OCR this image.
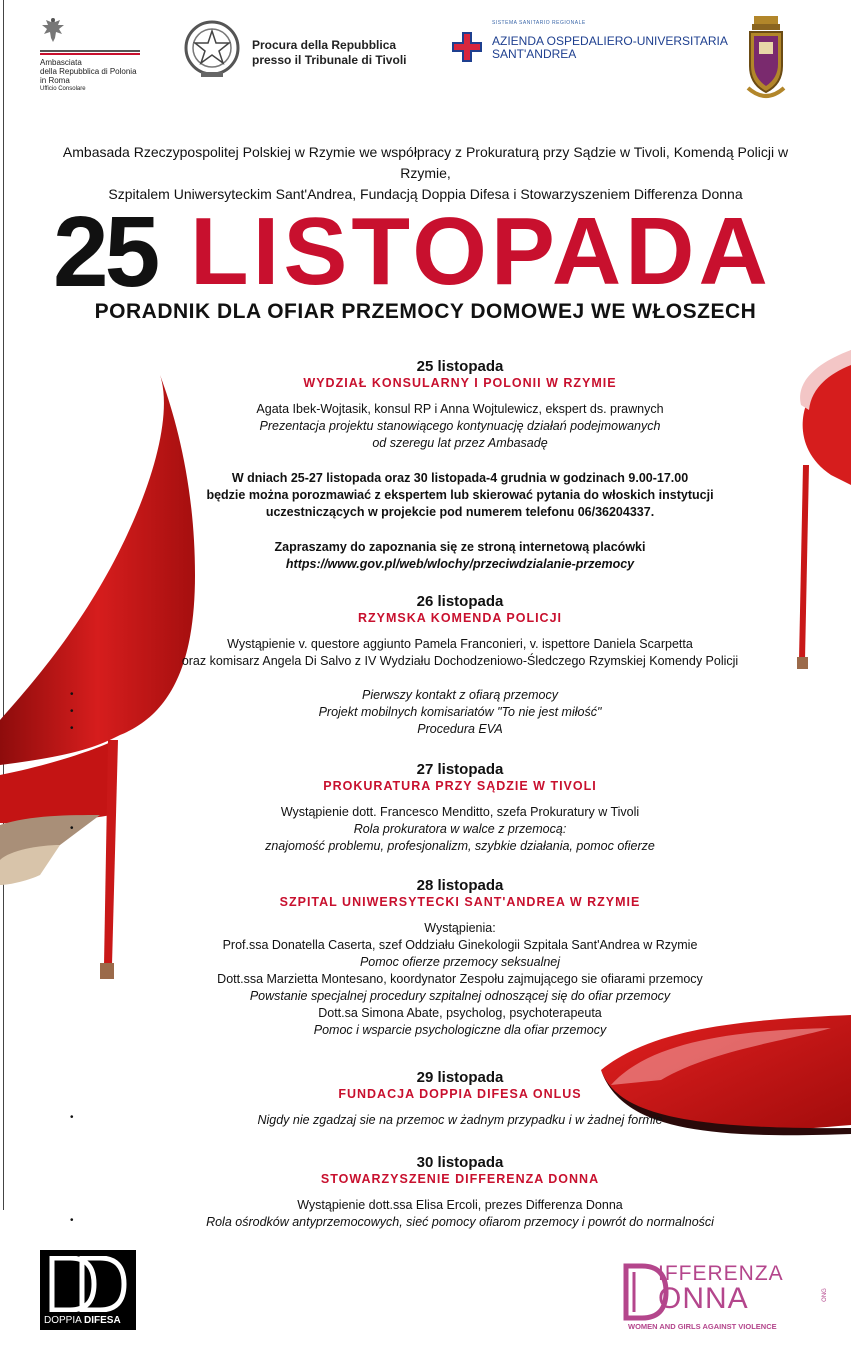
Ambasciata
della Repubblica di Polonia
in Roma
Ufficio Consolare
Procura della Repubblica
presso il Tribunale di Tivoli
SISTEMA SANITARIO REGIONALE
AZIENDA OSPEDALIERO-UNIVERSITARIA
SANT'ANDREA
Ambasada Rzeczypospolitej Polskiej w Rzymie we współpracy z Prokuraturą przy Sądzie w Tivoli, Komendą Policji w Rzymie,
Szpitalem Uniwersyteckim Sant'Andrea, Fundacją Doppia Difesa i Stowarzyszeniem Differenza Donna
25 LISTOPADA
PORADNIK DLA OFIAR PRZEMOCY DOMOWEJ WE WŁOSZECH
25 listopada
WYDZIAŁ KONSULARNY I POLONII W RZYMIE
Agata Ibek-Wojtasik, konsul RP i Anna Wojtulewicz, ekspert ds. prawnych
Prezentacja projektu stanowiącego kontynuację działań podejmowanych
od szeregu lat przez Ambasadę
W dniach 25-27 listopada oraz 30 listopada-4 grudnia w godzinach 9.00-17.00
będzie można porozmawiać z ekspertem lub skierować pytania do włoskich instytucji
uczestniczących w projekcie pod numerem telefonu 06/36204337.
Zapraszamy do zapoznania się ze stroną internetową placówki
https://www.gov.pl/web/wlochy/przeciwdzialanie-przemocy
26 listopada
RZYMSKA KOMENDA POLICJI
Wystąpienie v. questore aggiunto Pamela Franconieri, v. ispettore Daniela Scarpetta
oraz komisarz Angela Di Salvo z IV Wydziału Dochodzeniowo-Śledczego Rzymskiej Komendy Policji
Pierwszy kontakt z ofiarą przemocy
Projekt mobilnych komisariatów "To nie jest miłość"
Procedura EVA
•
•
•
27 listopada
PROKURATURA PRZY SĄDZIE W TIVOLI
Wystąpienie dott. Francesco Menditto, szefa Prokuratury w Tivoli
Rola prokuratora w walce z przemocą:
znajomość problemu, profesjonalizm, szybkie działania, pomoc ofierze
•
28 listopada
SZPITAL UNIWERSYTECKI SANT'ANDREA W RZYMIE
Wystąpienia:
Prof.ssa Donatella Caserta, szef Oddziału Ginekologii Szpitala Sant'Andrea w Rzymie
Pomoc ofierze przemocy seksualnej
Dott.ssa Marzietta Montesano, koordynator Zespołu zajmującego sie ofiarami przemocy
Powstanie specjalnej procedury szpitalnej odnoszącej się do ofiar przemocy
Dott.sa Simona Abate, psycholog, psychoterapeuta
Pomoc i wsparcie psychologiczne dla ofiar przemocy
29 listopada
FUNDACJA DOPPIA DIFESA ONLUS
Nigdy nie zgadzaj sie na przemoc w żadnym przypadku i w żadnej formie
•
30 listopada
STOWARZYSZENIE DIFFERENZA DONNA
Wystąpienie dott.ssa Elisa Ercoli, prezes Differenza Donna
Rola ośrodków antyprzemocowych, sieć pomocy ofiarom przemocy i powrót do normalności
•
DOPPIA DIFESA
IFFERENZA
ONNA	ONG
WOMEN AND GIRLS AGAINST VIOLENCE
